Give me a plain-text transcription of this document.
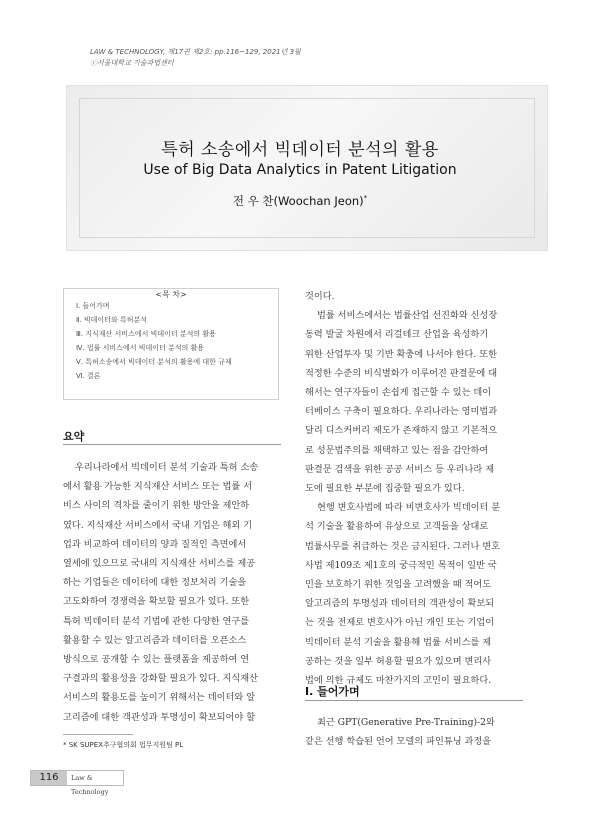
LAW & TECHNOLOGY, 제17권 제2호: pp.116~129, 2021년 3월
ⓒ서울대학교 기술과법센터
특허 소송에서 빅데이터 분석의 활용
Use of Big Data Analytics in Patent Litigation
전 우 찬(Woochan Jeon)*
<목 차>
Ⅰ. 들어가며
Ⅱ. 빅데이터와 특허분석
Ⅲ. 지식재산 서비스에서 빅데이터 분석의 활용
Ⅳ. 법률 서비스에서 빅데이터 분석의 활용
Ⅴ. 특허소송에서 빅데이터 분석의 활용에 대한 규제
Ⅵ. 결론
요약

우리나라에서 빅데이터 분석 기술과 특허 소송
에서 활용 가능한 지식재산 서비스 또는 법률 서
비스 사이의 격차를 줄이기 위한 방안을 제안하
였다. 지식재산 서비스에서 국내 기업은 해외 기
업과 비교하여 데이터의 양과 질적인 측면에서
열세에 있으므로 국내의 지식재산 서비스를 제공
하는 기업들은 데이터에 대한 정보처리 기술을
고도화하여 경쟁력을 확보할 필요가 있다. 또한
특허 빅데이터 분석 기법에 관한 다양한 연구를
활용할 수 있는 알고리즘과 데이터를 오픈소스
방식으로 공개할 수 있는 플랫폼을 제공하여 연
구결과의 활용성을 강화할 필요가 있다. 지식재산
서비스의 활용도를 높이기 위해서는 데이터와 알
고리즘에 대한 객관성과 투명성이 확보되어야 할

것이다.
법률 서비스에서는 법률산업 선진화와 신성장
동력 발굴 차원에서 리걸테크 산업을 육성하기
위한 산업투자 및 기반 확충에 나서야 한다. 또한
적정한 수준의 비식별화가 이루어진 판결문에 대
해서는 연구자들이 손쉽게 접근할 수 있는 데이
터베이스 구축이 필요하다. 우리나라는 영미법과
달리 디스커버리 제도가 존재하지 않고 기본적으
로 성문법주의를 채택하고 있는 점을 감안하여
판결문 검색을 위한 공공 서비스 등 우리나라 제
도에 필요한 부분에 집중할 필요가 있다.

현행 변호사법에 따라 비변호사가 빅데이터 분
석 기술을 활용하여 유상으로 고객들을 상대로
법률사무를 취급하는 것은 금지된다. 그러나 변호
사법 제109조 제1호의 궁극적인 목적이 일반 국
민을 보호하기 위한 것임을 고려했을 때 적어도
알고리즘의 투명성과 데이터의 객관성이 확보되
는 것을 전제로 변호사가 아닌 개인 또는 기업이
빅데이터 분석 기술을 활용해 법률 서비스를 제
공하는 것을 일부 허용할 필요가 있으며 변리사
법에 의한 규제도 마찬가지의 고민이 필요하다.

Ⅰ. 들어가며

최근 GPT(Generative Pre-Training)-2와
같은 선행 학습된 언어 모델의 파인튜닝 과정을

* SK SUPEX추구협의회 법무지원팀 PL
116	Law & Technology
